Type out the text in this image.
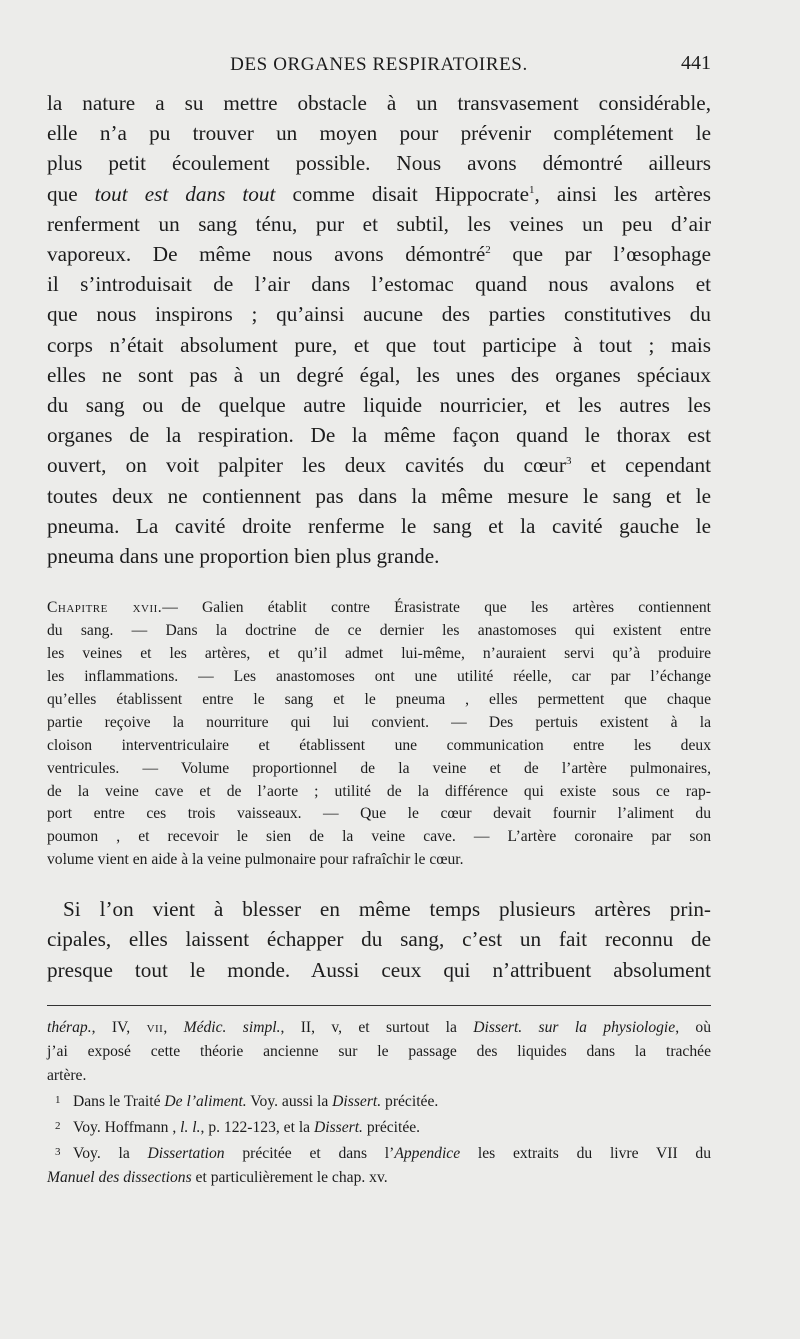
DES ORGANES RESPIRATOIRES.	441
la nature a su mettre obstacle à un transvasement considérable,
elle n’a pu trouver un moyen pour prévenir complétement le
plus petit écoulement possible. Nous avons démontré ailleurs
que tout est dans tout comme disait Hippocrate$^1$, ainsi les artères
renferment un sang ténu, pur et subtil, les veines un peu d’air
vaporeux. De même nous avons démontré$^2$ que par l’œsophage
il s’introduisait de l’air dans l’estomac quand nous avalons et
que nous inspirons ; qu’ainsi aucune des parties constitutives du
corps n’était absolument pure, et que tout participe à tout ; mais
elles ne sont pas à un degré égal, les unes des organes spéciaux
du sang ou de quelque autre liquide nourricier, et les autres les
organes de la respiration. De la même façon quand le thorax est
ouvert, on voit palpiter les deux cavités du cœur$^3$ et cependant
toutes deux ne contiennent pas dans la même mesure le sang et le
pneuma. La cavité droite renferme le sang et la cavité gauche le
pneuma dans une proportion bien plus grande.
Chapitre xvii.— Galien établit contre Érasistrate que les artères contiennent
du sang. — Dans la doctrine de ce dernier les anastomoses qui existent entre
les veines et les artères, et qu’il admet lui-même, n’auraient servi qu’à produire
les inflammations. — Les anastomoses ont une utilité réelle, car par l’échange
qu’elles établissent entre le sang et le pneuma , elles permettent que chaque
partie reçoive la nourriture qui lui convient. — Des pertuis existent à la
cloison interventriculaire et établissent une communication entre les deux
ventricules. — Volume proportionnel de la veine et de l’artère pulmonaires,
de la veine cave et de l’aorte ; utilité de la différence qui existe sous ce rap-
port entre ces trois vaisseaux. — Que le cœur devait fournir l’aliment du
poumon , et recevoir le sien de la veine cave. — L’artère coronaire par son
volume vient en aide à la veine pulmonaire pour rafraîchir le cœur.
Si l’on vient à blesser en même temps plusieurs artères prin-
cipales, elles laissent échapper du sang, c’est un fait reconnu de
presque tout le monde. Aussi ceux qui n’attribuent absolument
thérap., IV, vii, Médic. simpl., II, v, et surtout la Dissert. sur la physiologie, où
j’ai exposé cette théorie ancienne sur le passage des liquides dans la trachée
artère.
1 Dans le Traité De l’aliment. Voy. aussi la Dissert. précitée.
2 Voy. Hoffmann , l. l., p. 122-123, et la Dissert. précitée.
3 Voy. la Dissertation précitée et dans l’Appendice les extraits du livre VII du
Manuel des dissections et particulièrement le chap. xv.
